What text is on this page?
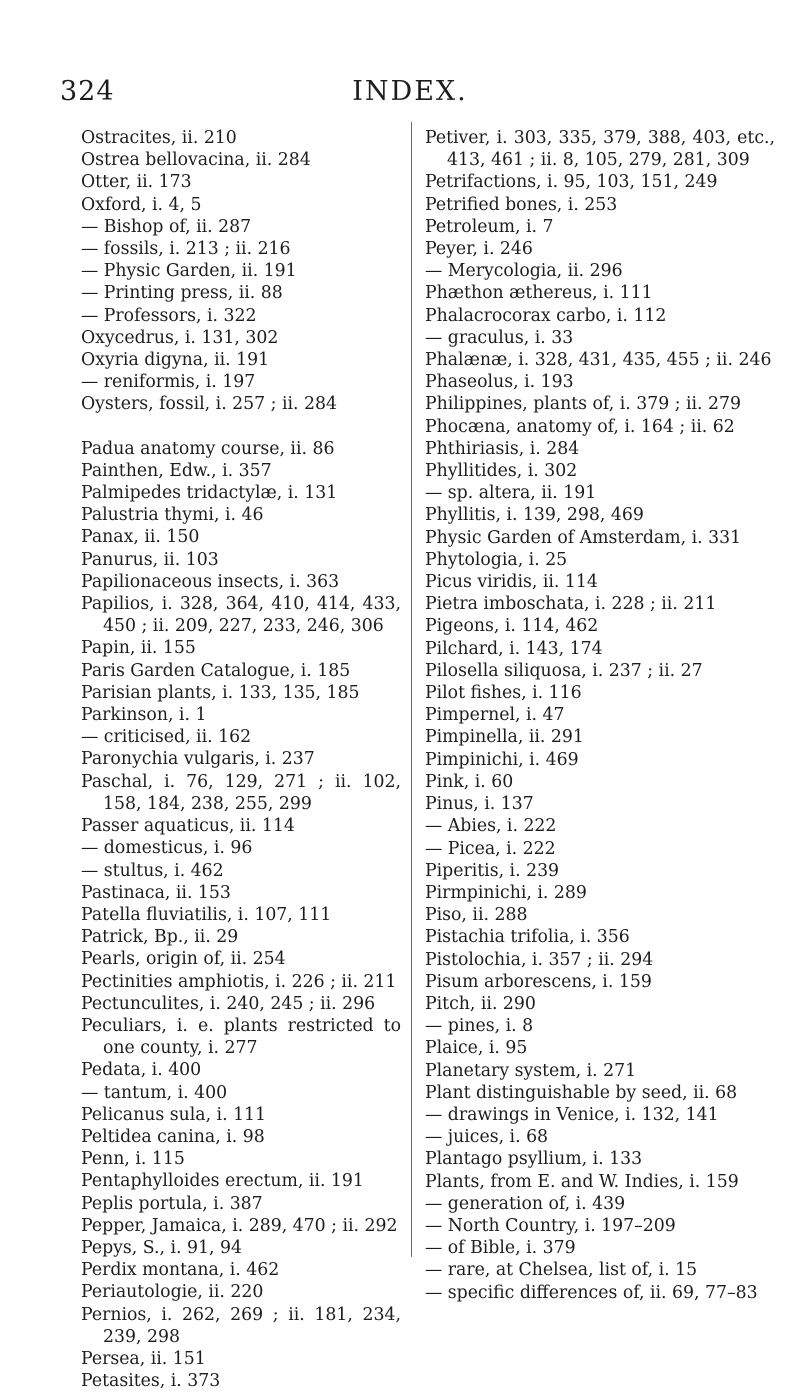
324	INDEX.
Ostracites, ii. 210
Ostrea bellovacina, ii. 284
Otter, ii. 173
Oxford, i. 4, 5
— Bishop of, ii. 287
— fossils, i. 213 ; ii. 216
— Physic Garden, ii. 191
— Printing press, ii. 88
— Professors, i. 322
Oxycedrus, i. 131, 302
Oxyria digyna, ii. 191
— reniformis, i. 197
Oysters, fossil, i. 257 ; ii. 284
Padua anatomy course, ii. 86
Painthen, Edw., i. 357
Palmipedes tridactylæ, i. 131
Palustria thymi, i. 46
Panax, ii. 150
Panurus, ii. 103
Papilionaceous insects, i. 363
Papilios, i. 328, 364, 410, 414, 433, 450 ; ii. 209, 227, 233, 246, 306
Papin, ii. 155
Paris Garden Catalogue, i. 185
Parisian plants, i. 133, 135, 185
Parkinson, i. 1
— criticised, ii. 162
Paronychia vulgaris, i. 237
Paschal, i. 76, 129, 271 ; ii. 102, 158, 184, 238, 255, 299
Passer aquaticus, ii. 114
— domesticus, i. 96
— stultus, i. 462
Pastinaca, ii. 153
Patella fluviatilis, i. 107, 111
Patrick, Bp., ii. 29
Pearls, origin of, ii. 254
Pectinities amphiotis, i. 226 ; ii. 211
Pectunculites, i. 240, 245 ; ii. 296
Peculiars, i. e. plants restricted to one county, i. 277
Pedata, i. 400
— tantum, i. 400
Pelicanus sula, i. 111
Peltidea canina, i. 98
Penn, i. 115
Pentaphylloides erectum, ii. 191
Peplis portula, i. 387
Pepper, Jamaica, i. 289, 470 ; ii. 292
Pepys, S., i. 91, 94
Perdix montana, i. 462
Periautologie, ii. 220
Pernios, i. 262, 269 ; ii. 181, 234, 239, 298
Persea, ii. 151
Petasites, i. 373
Petiver, i. 303, 335, 379, 388, 403, etc., 413, 461 ; ii. 8, 105, 279, 281, 309
Petrifactions, i. 95, 103, 151, 249
Petrified bones, i. 253
Petroleum, i. 7
Peyer, i. 246
— Merycologia, ii. 296
Phæthon æthereus, i. 111
Phalacrocorax carbo, i. 112
— graculus, i. 33
Phalænæ, i. 328, 431, 435, 455 ; ii. 246
Phaseolus, i. 193
Philippines, plants of, i. 379 ; ii. 279
Phocæna, anatomy of, i. 164 ; ii. 62
Phthiriasis, i. 284
Phyllitides, i. 302
— sp. altera, ii. 191
Phyllitis, i. 139, 298, 469
Physic Garden of Amsterdam, i. 331
Phytologia, i. 25
Picus viridis, ii. 114
Pietra imboschata, i. 228 ; ii. 211
Pigeons, i. 114, 462
Pilchard, i. 143, 174
Pilosella siliquosa, i. 237 ; ii. 27
Pilot fishes, i. 116
Pimpernel, i. 47
Pimpinella, ii. 291
Pimpinichi, i. 469
Pink, i. 60
Pinus, i. 137
— Abies, i. 222
— Picea, i. 222
Piperitis, i. 239
Pirmpinichi, i. 289
Piso, ii. 288
Pistachia trifolia, i. 356
Pistolochia, i. 357 ; ii. 294
Pisum arborescens, i. 159
Pitch, ii. 290
— pines, i. 8
Plaice, i. 95
Planetary system, i. 271
Plant distinguishable by seed, ii. 68
— drawings in Venice, i. 132, 141
— juices, i. 68
Plantago psyllium, i. 133
Plants, from E. and W. Indies, i. 159
— generation of, i. 439
— North Country, i. 197–209
— of Bible, i. 379
— rare, at Chelsea, list of, i. 15
— specific differences of, ii. 69, 77–83
